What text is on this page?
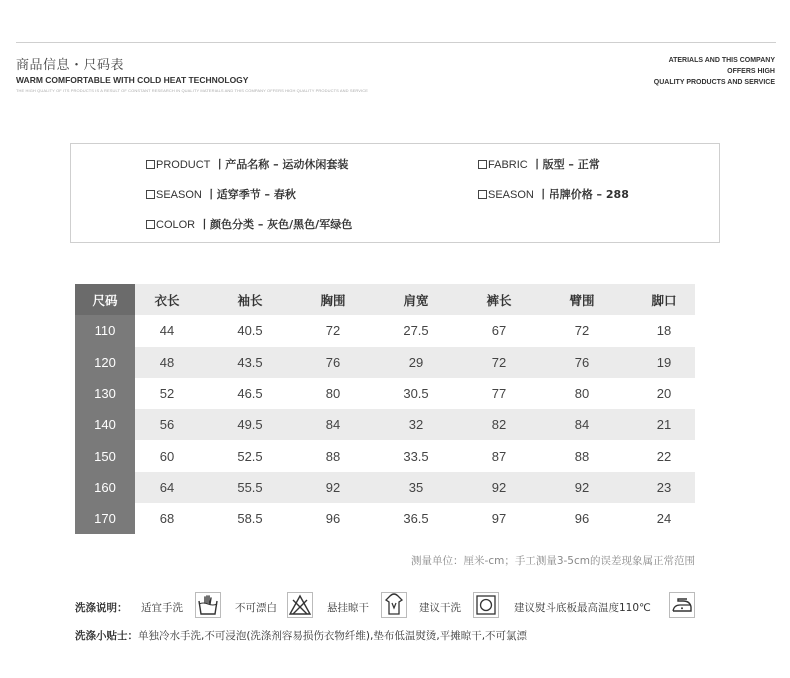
商品信息・尺码表
WARM COMFORTABLE WITH COLD HEAT TECHNOLOGY
THE HIGH QUALITY OF ITS PRODUCTS IS A RESULT OF CONSTANT RESEARCH IN QUALITY MATERIALS AND THIS COMPANY OFFERS HIGH QUALITY PRODUCTS AND SERVICE
ATERIALS AND THIS COMPANY
OFFERS HIGH
QUALITY PRODUCTS AND SERVICE
PRODUCT 丨产品名称 – 运动休闲套装
SEASON 丨适穿季节 – 春秋
COLOR 丨颜色分类 – 灰色/黑色/军绿色
FABRIC 丨版型 – 正常
SEASON 丨吊牌价格 – 288
尺码	衣长	袖长	胸围	肩宽	裤长	臂围	脚口
110	44	40.5	72	27.5	67	72	18
120	48	43.5	76	29	72	76	19
130	52	46.5	80	30.5	77	80	20
140	56	49.5	84	32	82	84	21
150	60	52.5	88	33.5	87	88	22
160	64	55.5	92	35	92	92	23
170	68	58.5	96	36.5	97	96	24
测量单位：厘米-cm；手工测量3-5cm的误差现象属正常范围
洗涤说明： 适宜手洗	不可漂白	悬挂晾干	建议干洗	建议熨斗底板最高温度110℃
洗涤小贴士：单独冷水手洗,不可浸泡(洗涤剂容易损伤衣物纤维),垫布低温熨烫,平摊晾干,不可氯漂
